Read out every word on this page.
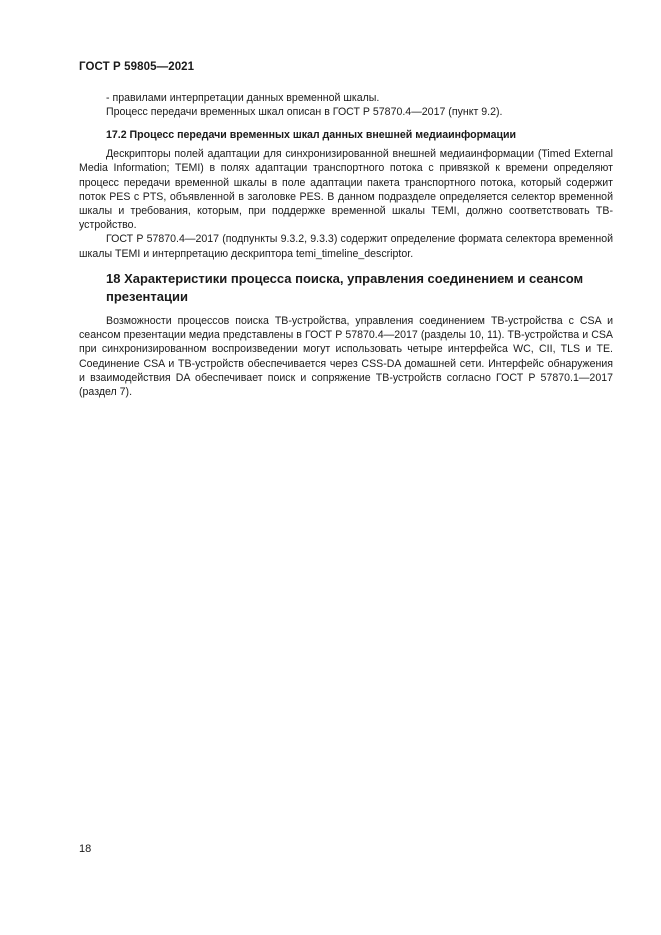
ГОСТ Р 59805—2021

- правилами интерпретации данных временной шкалы.

Процесс передачи временных шкал описан в ГОСТ Р 57870.4—2017 (пункт 9.2).

17.2 Процесс передачи временных шкал данных внешней медиаинформации

Дескрипторы полей адаптации для синхронизированной внешней медиаинформации (Timed External Media Information; TEMI) в полях адаптации транспортного потока с привязкой к времени определяют процесс передачи временной шкалы в поле адаптации пакета транспортного потока, который содержит поток PES с PTS, объявленной в заголовке PES. В данном подразделе определяется селектор временной шкалы и требования, которым, при поддержке временной шкалы TEMI, должно соответствовать ТВ-устройство.

ГОСТ Р 57870.4—2017 (подпункты 9.3.2, 9.3.3) содержит определение формата селектора временной шкалы TEMI и интерпретацию дескриптора temi_timeline_descriptor.

18 Характеристики процесса поиска, управления соединением и сеансом презентации

Возможности процессов поиска ТВ-устройства, управления соединением ТВ-устройства с CSA и сеансом презентации медиа представлены в ГОСТ Р 57870.4—2017 (разделы 10, 11). ТВ-устройства и CSA при синхронизированном воспроизведении могут использовать четыре интерфейса WC, CII, TLS и TE. Соединение CSA и ТВ-устройств обеспечивается через CSS-DA домашней сети. Интерфейс обнаружения и взаимодействия DA обеспечивает поиск и сопряжение ТВ-устройств согласно ГОСТ Р 57870.1—2017 (раздел 7).

18
